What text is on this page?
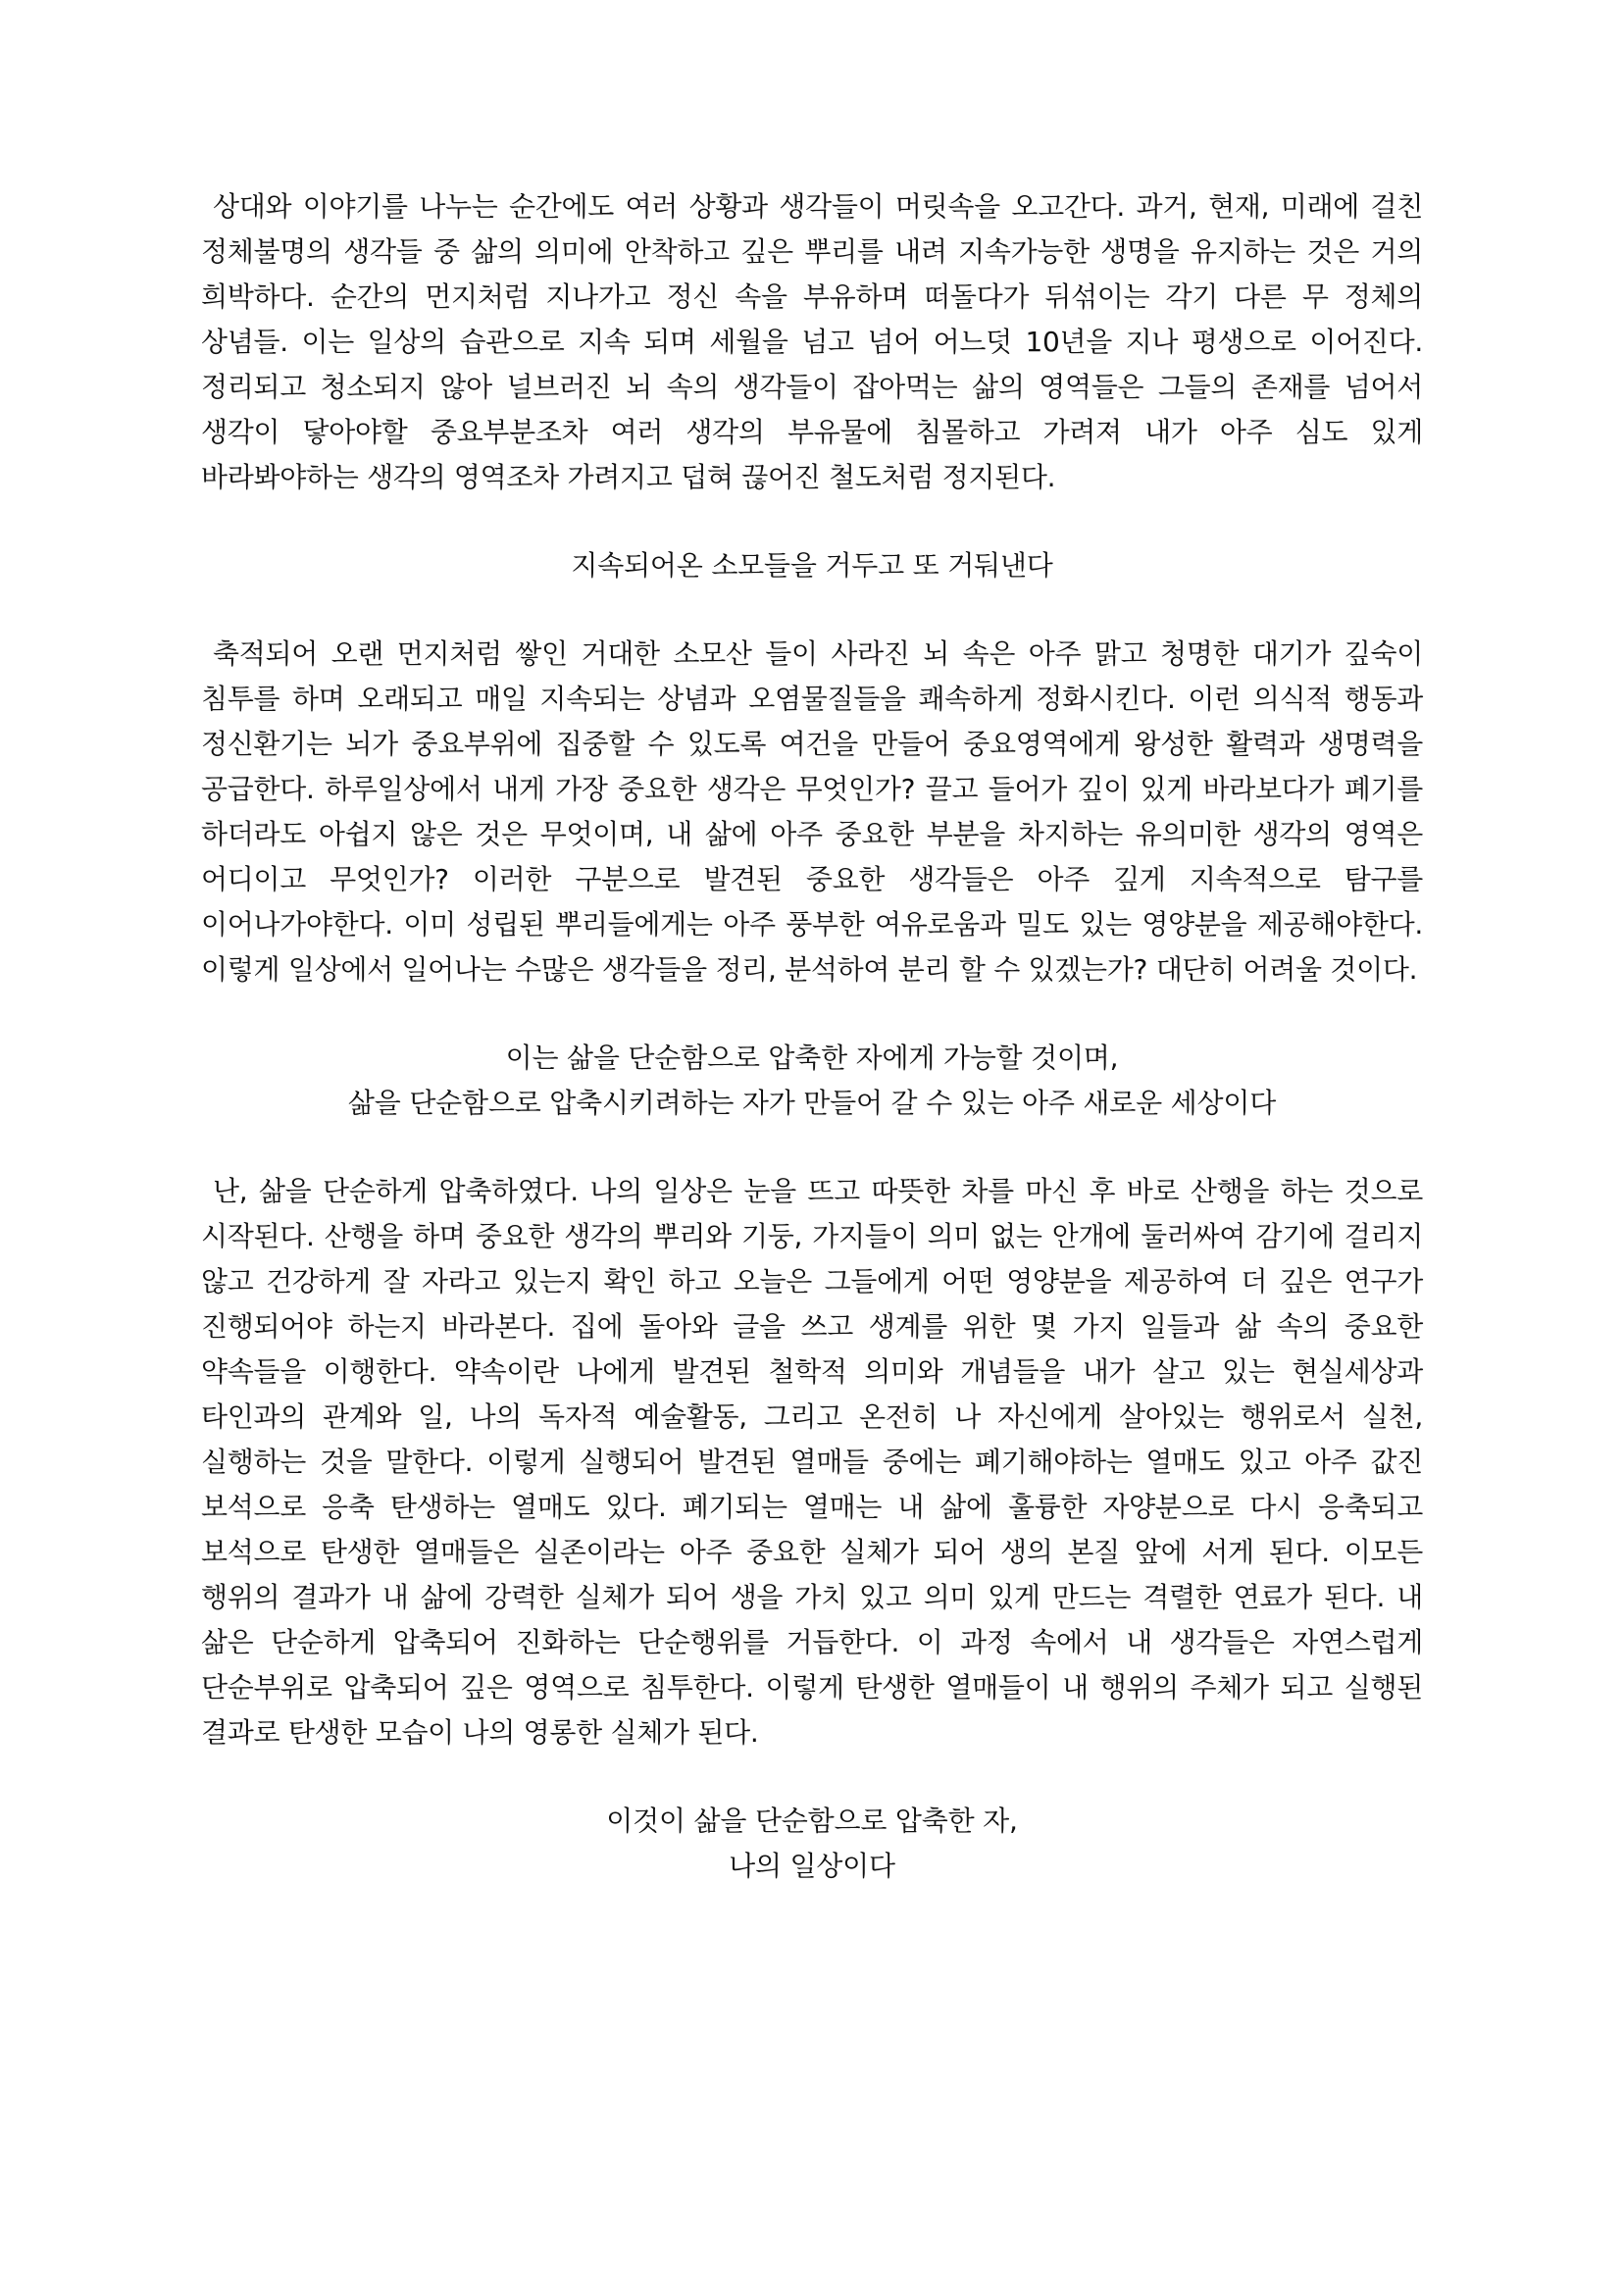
상대와 이야기를 나누는 순간에도 여러 상황과 생각들이 머릿속을 오고간다. 과거, 현재, 미래에 걸친 정체불명의 생각들 중 삶의 의미에 안착하고 깊은 뿌리를 내려 지속가능한 생명을 유지하는 것은 거의 희박하다. 순간의 먼지처럼 지나가고 정신 속을 부유하며 떠돌다가 뒤섞이는 각기 다른 무 정체의 상념들. 이는 일상의 습관으로 지속 되며 세월을 넘고 넘어 어느덧 10년을 지나 평생으로 이어진다. 정리되고 청소되지 않아 널브러진 뇌 속의 생각들이 잡아먹는 삶의 영역들은 그들의 존재를 넘어서 생각이 닿아야할 중요부분조차 여러 생각의 부유물에 침몰하고 가려져 내가 아주 심도 있게 바라봐야하는 생각의 영역조차 가려지고 덥혀 끊어진 철도처럼 정지된다.

지속되어온 소모들을 거두고 또 거둬낸다

축적되어 오랜 먼지처럼 쌓인 거대한 소모산 들이 사라진 뇌 속은 아주 맑고 청명한 대기가 깊숙이 침투를 하며 오래되고 매일 지속되는 상념과 오염물질들을 쾌속하게 정화시킨다. 이런 의식적 행동과 정신환기는 뇌가 중요부위에 집중할 수 있도록 여건을 만들어 중요영역에게 왕성한 활력과 생명력을 공급한다. 하루일상에서 내게 가장 중요한 생각은 무엇인가? 끌고 들어가 깊이 있게 바라보다가 폐기를 하더라도 아쉽지 않은 것은 무엇이며, 내 삶에 아주 중요한 부분을 차지하는 유의미한 생각의 영역은 어디이고 무엇인가? 이러한 구분으로 발견된 중요한 생각들은 아주 깊게 지속적으로 탐구를 이어나가야한다. 이미 성립된 뿌리들에게는 아주 풍부한 여유로움과 밀도 있는 영양분을 제공해야한다. 이렇게 일상에서 일어나는 수많은 생각들을 정리, 분석하여 분리 할 수 있겠는가? 대단히 어려울 것이다.

이는 삶을 단순함으로 압축한 자에게 가능할 것이며,
삶을 단순함으로 압축시키려하는 자가 만들어 갈 수 있는 아주 새로운 세상이다

난, 삶을 단순하게 압축하였다. 나의 일상은 눈을 뜨고 따뜻한 차를 마신 후 바로 산행을 하는 것으로 시작된다. 산행을 하며 중요한 생각의 뿌리와 기둥, 가지들이 의미 없는 안개에 둘러싸여 감기에 걸리지 않고 건강하게 잘 자라고 있는지 확인 하고 오늘은 그들에게 어떤 영양분을 제공하여 더 깊은 연구가 진행되어야 하는지 바라본다. 집에 돌아와 글을 쓰고 생계를 위한 몇 가지 일들과 삶 속의 중요한 약속들을 이행한다. 약속이란 나에게 발견된 철학적 의미와 개념들을 내가 살고 있는 현실세상과 타인과의 관계와 일, 나의 독자적 예술활동, 그리고 온전히 나 자신에게 살아있는 행위로서 실천, 실행하는 것을 말한다. 이렇게 실행되어 발견된 열매들 중에는 폐기해야하는 열매도 있고 아주 값진 보석으로 응축 탄생하는 열매도 있다. 폐기되는 열매는 내 삶에 훌륭한 자양분으로 다시 응축되고 보석으로 탄생한 열매들은 실존이라는 아주 중요한 실체가 되어 생의 본질 앞에 서게 된다. 이모든 행위의 결과가 내 삶에 강력한 실체가 되어 생을 가치 있고 의미 있게 만드는 격렬한 연료가 된다. 내 삶은 단순하게 압축되어 진화하는 단순행위를 거듭한다. 이 과정 속에서 내 생각들은 자연스럽게 단순부위로 압축되어 깊은 영역으로 침투한다. 이렇게 탄생한 열매들이 내 행위의 주체가 되고 실행된 결과로 탄생한 모습이 나의 영롱한 실체가 된다.

이것이 삶을 단순함으로 압축한 자,
나의 일상이다
